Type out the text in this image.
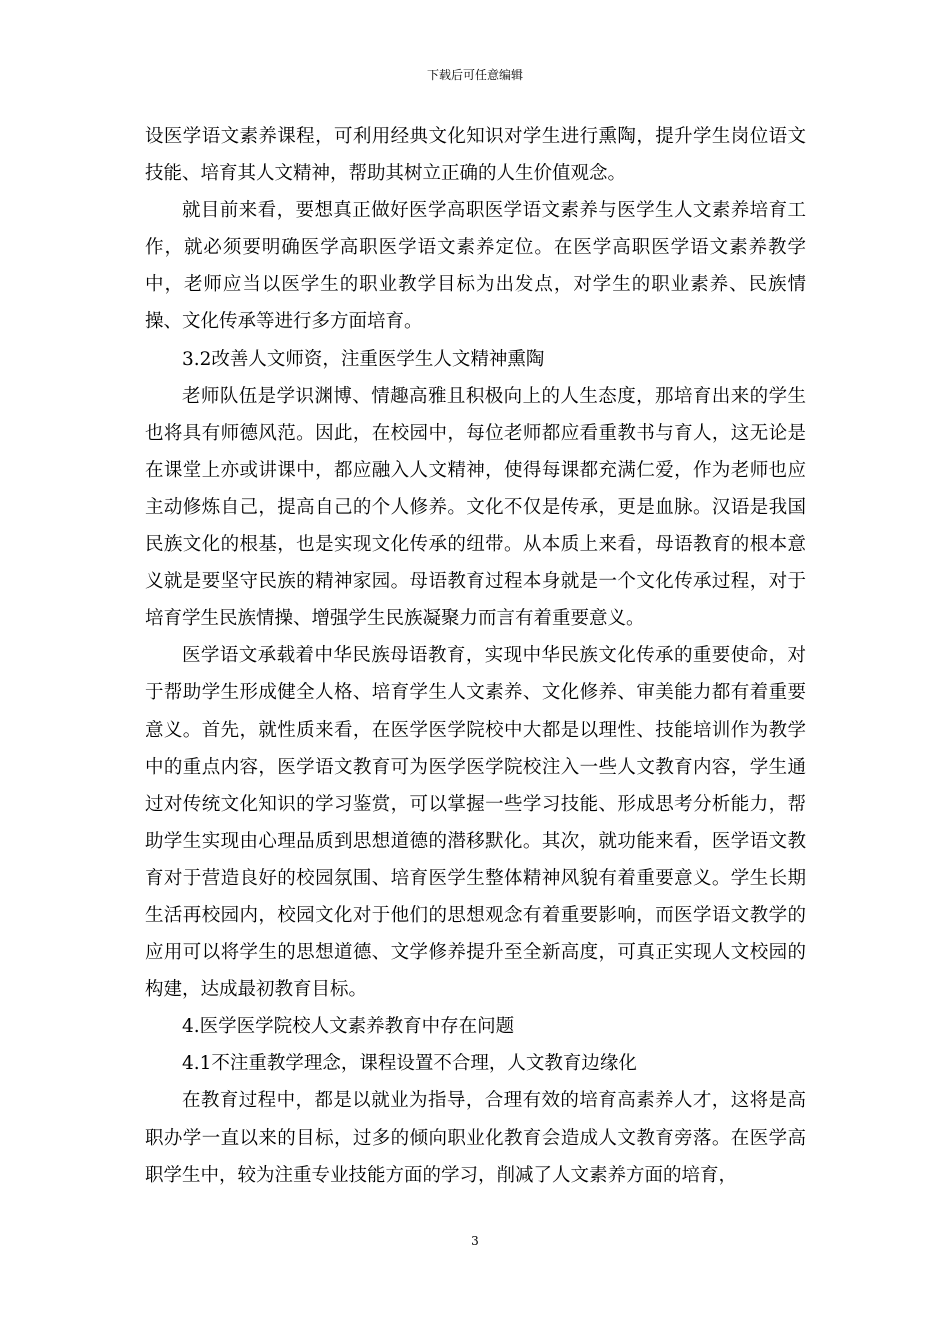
下载后可任意编辑

设医学语文素养课程，可利用经典文化知识对学生进行熏陶，提升学生岗位语文技能、培育其人文精神，帮助其树立正确的人生价值观念。

就目前来看，要想真正做好医学高职医学语文素养与医学生人文素养培育工作，就必须要明确医学高职医学语文素养定位。在医学高职医学语文素养教学中，老师应当以医学生的职业教学目标为出发点，对学生的职业素养、民族情操、文化传承等进行多方面培育。

3.2改善人文师资，注重医学生人文精神熏陶

老师队伍是学识渊博、情趣高雅且积极向上的人生态度，那培育出来的学生也将具有师德风范。因此，在校园中，每位老师都应看重教书与育人，这无论是在课堂上亦或讲课中，都应融入人文精神，使得每课都充满仁爱，作为老师也应主动修炼自己，提高自己的个人修养。文化不仅是传承，更是血脉。汉语是我国民族文化的根基，也是实现文化传承的纽带。从本质上来看，母语教育的根本意义就是要坚守民族的精神家园。母语教育过程本身就是一个文化传承过程，对于培育学生民族情操、增强学生民族凝聚力而言有着重要意义。

医学语文承载着中华民族母语教育，实现中华民族文化传承的重要使命，对于帮助学生形成健全人格、培育学生人文素养、文化修养、审美能力都有着重要意义。首先，就性质来看，在医学医学院校中大都是以理性、技能培训作为教学中的重点内容，医学语文教育可为医学医学院校注入一些人文教育内容，学生通过对传统文化知识的学习鉴赏，可以掌握一些学习技能、形成思考分析能力，帮助学生实现由心理品质到思想道德的潜移默化。其次，就功能来看，医学语文教育对于营造良好的校园氛围、培育医学生整体精神风貌有着重要意义。学生长期生活再校园内，校园文化对于他们的思想观念有着重要影响，而医学语文教学的应用可以将学生的思想道德、文学修养提升至全新高度，可真正实现人文校园的构建，达成最初教育目标。

4.医学医学院校人文素养教育中存在问题

4.1不注重教学理念，课程设置不合理，人文教育边缘化

在教育过程中，都是以就业为指导，合理有效的培育高素养人才，这将是高职办学一直以来的目标，过多的倾向职业化教育会造成人文教育旁落。在医学高职学生中，较为注重专业技能方面的学习，削减了人文素养方面的培育，

3
